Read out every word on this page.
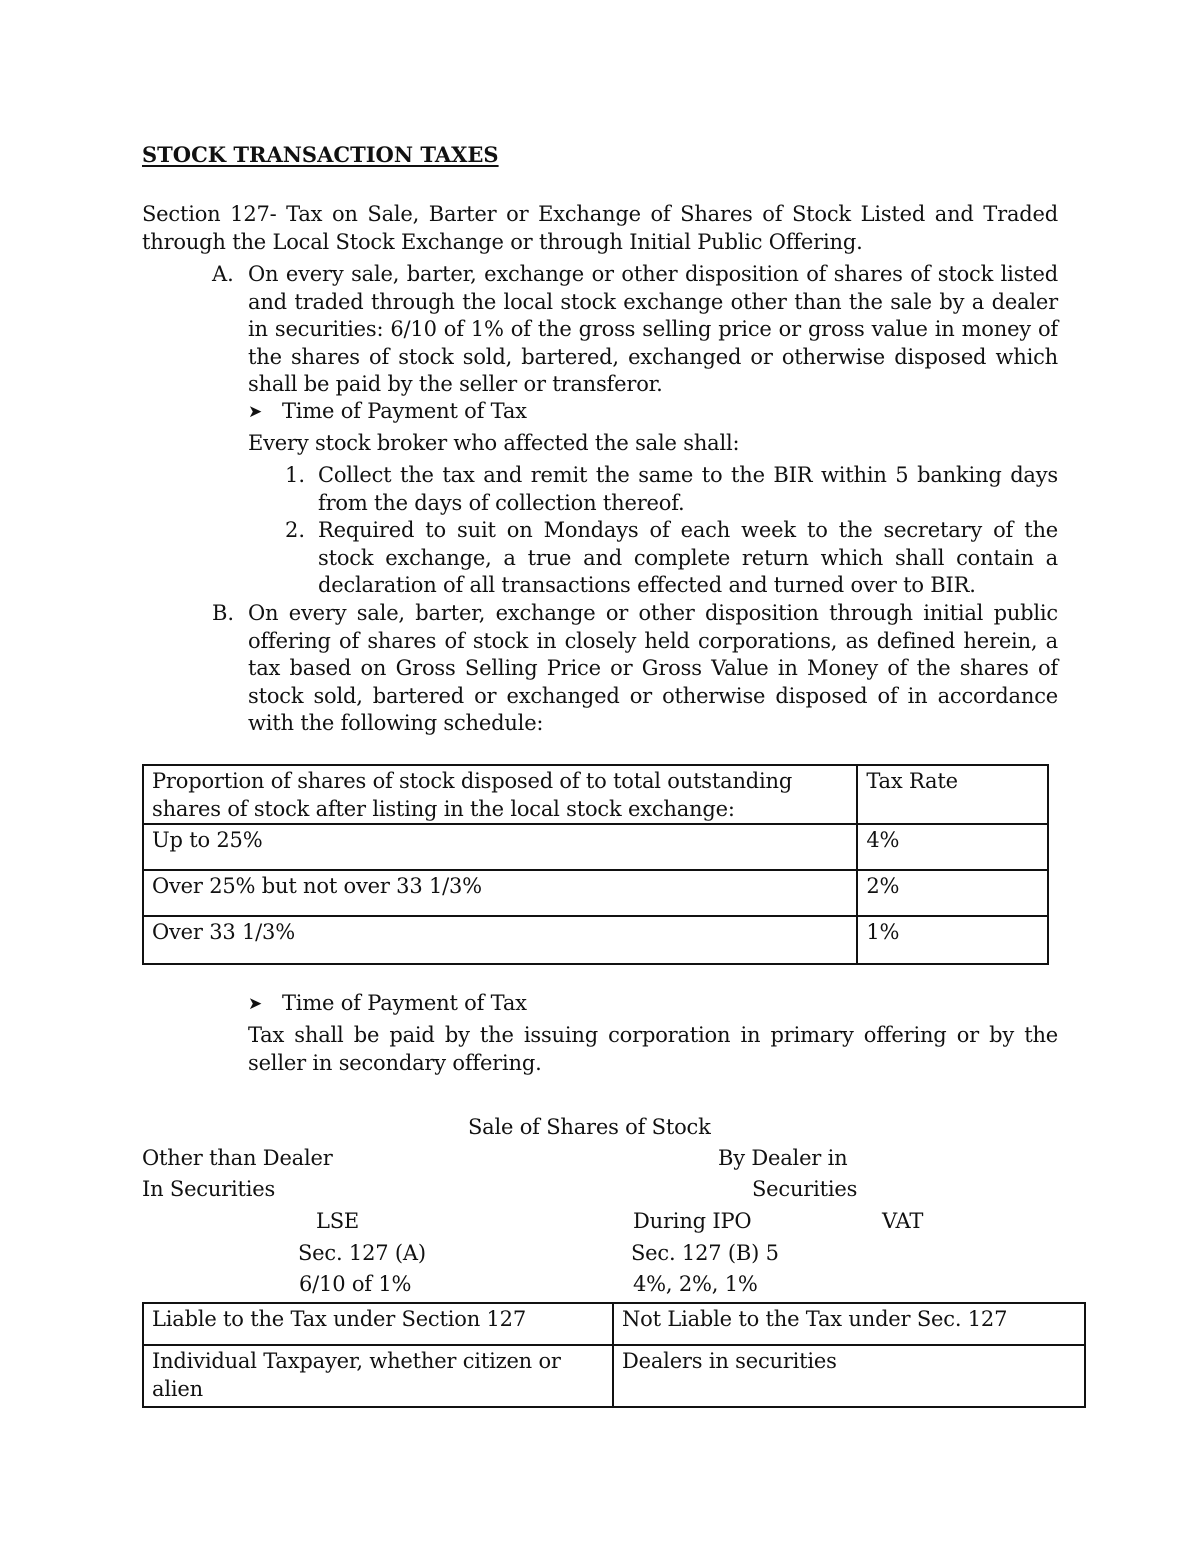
STOCK TRANSACTION TAXES
Section 127- Tax on Sale, Barter or Exchange of Shares of Stock Listed and Traded through the Local Stock Exchange or through Initial Public Offering.
A. On every sale, barter, exchange or other disposition of shares of stock listed and traded through the local stock exchange other than the sale by a dealer in securities: 6/10 of 1% of the gross selling price or gross value in money of the shares of stock sold, bartered, exchanged or otherwise disposed which shall be paid by the seller or transferor.
➤ Time of Payment of Tax
Every stock broker who affected the sale shall:
1. Collect the tax and remit the same to the BIR within 5 banking days from the days of collection thereof.
2. Required to suit on Mondays of each week to the secretary of the stock exchange, a true and complete return which shall contain a declaration of all transactions effected and turned over to BIR.
B. On every sale, barter, exchange or other disposition through initial public offering of shares of stock in closely held corporations, as defined herein, a tax based on Gross Selling Price or Gross Value in Money of the shares of stock sold, bartered or exchanged or otherwise disposed of in accordance with the following schedule:
Proportion of shares of stock disposed of to total outstanding shares of stock after listing in the local stock exchange:	Tax Rate
Up to 25%	4%
Over 25% but not over 33 1/3%	2%
Over 33 1/3%	1%
➤ Time of Payment of Tax
Tax shall be paid by the issuing corporation in primary offering or by the seller in secondary offering.
Sale of Shares of Stock
Other than Dealer
In Securities
By Dealer in
Securities
LSE
Sec. 127 (A)
6/10 of 1%
During IPO
Sec. 127 (B) 5
4%, 2%, 1%
VAT
Liable to the Tax under Section 127	Not Liable to the Tax under Sec. 127
Individual Taxpayer, whether citizen or alien	Dealers in securities
